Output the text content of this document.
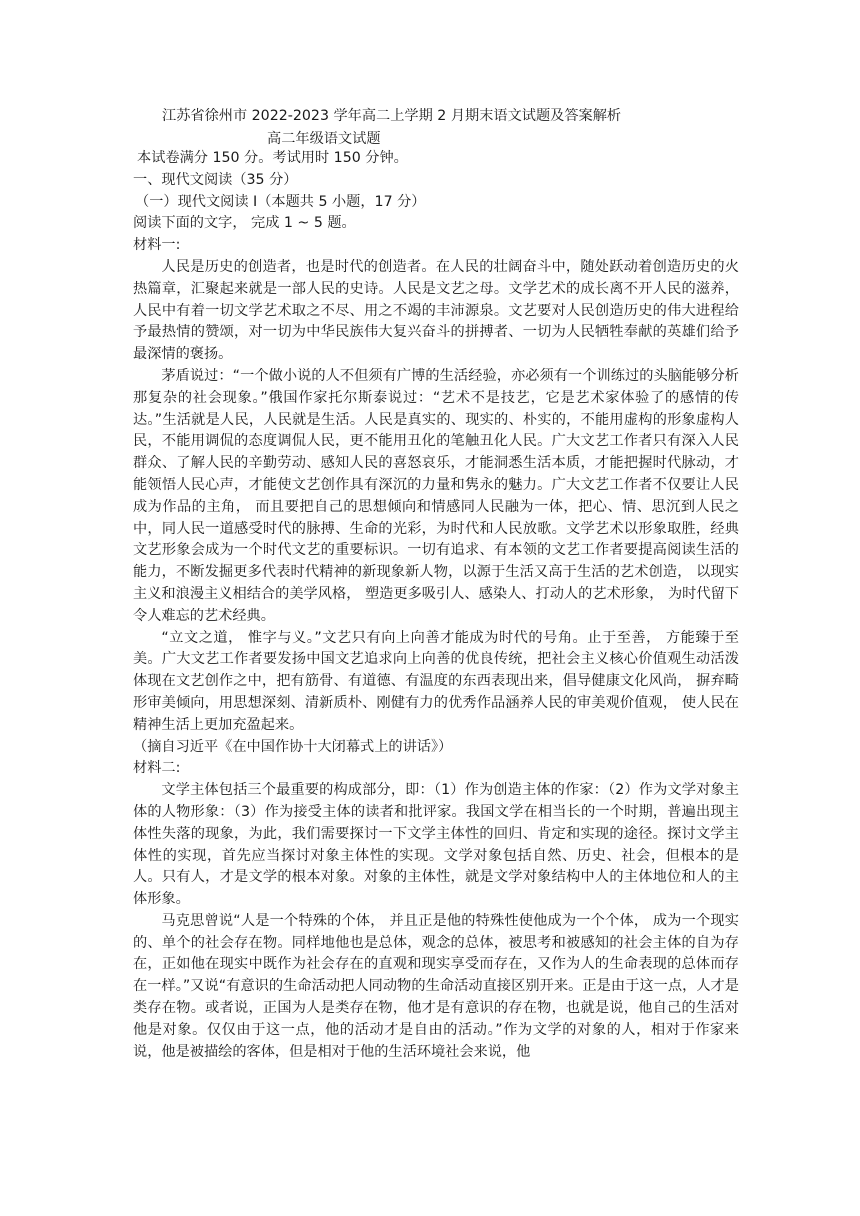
江苏省徐州市 2022-2023 学年高二上学期 2 月期末语文试题及答案解析
高二年级语文试题

本试卷满分 150 分。考试用时 150 分钟。

一、现代文阅读（35 分）

（一）现代文阅读 I（本题共 5 小题，17 分）

阅读下面的文字， 完成 1 ~ 5 题。

材料一:

人民是历史的创造者，也是时代的创造者。在人民的壮阔奋斗中，随处跃动着创造历史的火热篇章，汇聚起来就是一部人民的史诗。人民是文艺之母。文学艺术的成长离不开人民的滋养，人民中有着一切文学艺术取之不尽、用之不竭的丰沛源泉。文艺要对人民创造历史的伟大进程给予最热情的赞颂，对一切为中华民族伟大复兴奋斗的拼搏者、一切为人民牺牲奉献的英雄们给予最深情的褒扬。

茅盾说过：“一个做小说的人不但须有广博的生活经验，亦必须有一个训练过的头脑能够分析那复杂的社会现象。”俄国作家托尔斯泰说过：“艺术不是技艺，它是艺术家体验了的感情的传达。”生活就是人民，人民就是生活。人民是真实的、现实的、朴实的，不能用虚构的形象虚构人民，不能用调侃的态度调侃人民，更不能用丑化的笔触丑化人民。广大文艺工作者只有深入人民群众、了解人民的辛勤劳动、感知人民的喜怒哀乐，才能洞悉生活本质，才能把握时代脉动，才能领悟人民心声，才能使文艺创作具有深沉的力量和隽永的魅力。广大文艺工作者不仅要让人民成为作品的主角， 而且要把自己的思想倾向和情感同人民融为一体，把心、情、思沉到人民之中，同人民一道感受时代的脉搏、生命的光彩，为时代和人民放歌。文学艺术以形象取胜，经典文艺形象会成为一个时代文艺的重要标识。一切有追求、有本领的文艺工作者要提高阅读生活的能力，不断发掘更多代表时代精神的新现象新人物，以源于生活又高于生活的艺术创造， 以现实主义和浪漫主义相结合的美学风格， 塑造更多吸引人、感染人、打动人的艺术形象， 为时代留下令人难忘的艺术经典。

“立文之道， 惟字与义。”文艺只有向上向善才能成为时代的号角。止于至善， 方能臻于至美。广大文艺工作者要发扬中国文艺追求向上向善的优良传统，把社会主义核心价值观生动活泼体现在文艺创作之中，把有筋骨、有道德、有温度的东西表现出来，倡导健康文化风尚， 摒弃畸形审美倾向，用思想深刻、清新质朴、刚健有力的优秀作品涵养人民的审美观价值观， 使人民在精神生活上更加充盈起来。

（摘自习近平《在中国作协十大闭幕式上的讲话》）

材料二:

文学主体包括三个最重要的构成部分，即：（1）作为创造主体的作家：（2）作为文学对象主体的人物形象：（3）作为接受主体的读者和批评家。我国文学在相当长的一个时期，普遍出现主体性失落的现象，为此，我们需要探讨一下文学主体性的回归、肯定和实现的途径。探讨文学主体性的实现，首先应当探讨对象主体性的实现。文学对象包括自然、历史、社会，但根本的是人。只有人，才是文学的根本对象。对象的主体性，就是文学对象结构中人的主体地位和人的主体形象。

马克思曾说“人是一个特殊的个体， 并且正是他的特殊性使他成为一个个体， 成为一个现实的、单个的社会存在物。同样地他也是总体，观念的总体，被思考和被感知的社会主体的自为存在，正如他在现实中既作为社会存在的直观和现实享受而存在，又作为人的生命表现的总体而存在一样。”又说“有意识的生命活动把人同动物的生命活动直接区别开来。正是由于这一点，人才是类存在物。或者说，正国为人是类存在物，他才是有意识的存在物，也就是说，他自己的生活对他是对象。仅仅由于这一点，他的活动才是自由的活动。”作为文学的对象的人，相对于作家来说，他是被描绘的客体，但是相对于他的生活环境社会来说，他
